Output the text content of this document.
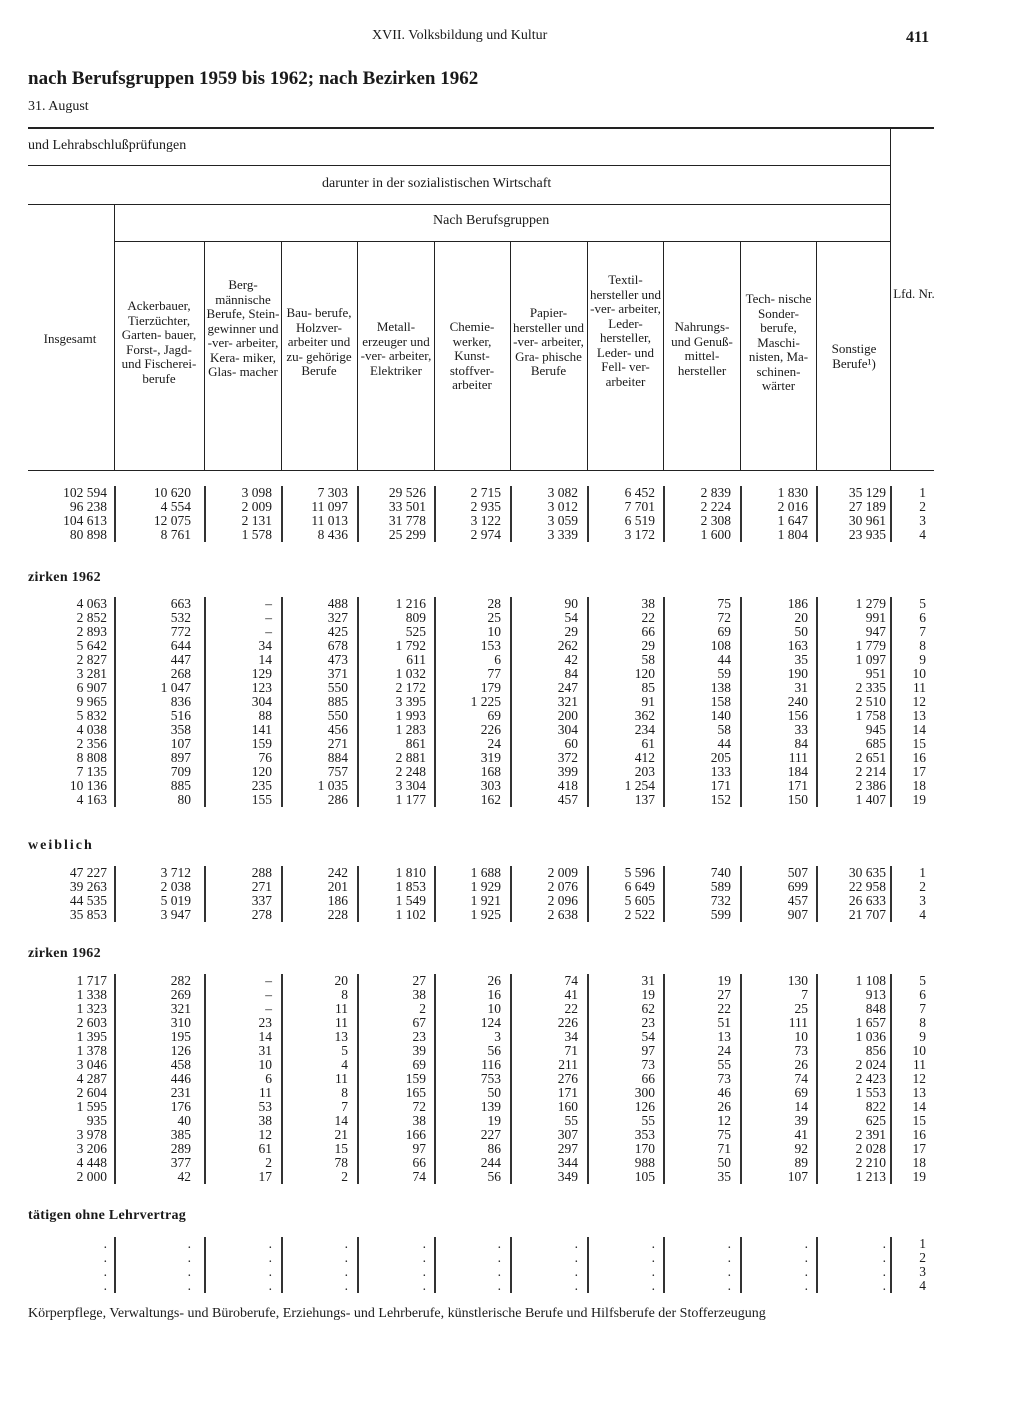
XVII. Volksbildung und Kultur	411
nach Berufsgruppen 1959 bis 1962; nach Bezirken 1962
31. August
und Lehrabschlußprüfungen
darunter in der sozialistischen Wirtschaft
Nach Berufsgruppen
Insgesamt
Ackerbauer, Tierzüchter, Garten- bauer, Forst-, Jagd- und Fischerei- berufe
Berg- männische Berufe, Stein- gewinner und -ver- arbeiter, Kera- miker, Glas- macher
Bau- berufe, Holzver- arbeiter und zu- gehörige Berufe
Metall- erzeuger und -ver- arbeiter, Elektriker
Chemie- werker, Kunst- stoffver- arbeiter
Papier- hersteller und -ver- arbeiter, Gra- phische Berufe
Textil- hersteller und -ver- arbeiter, Leder- hersteller, Leder- und Fell- ver- arbeiter
Nahrungs- und Genuß- mittel- hersteller
Tech- nische Sonder- berufe, Maschi- nisten, Ma- schinen- wärter
Sonstige Berufe¹)
Lfd. Nr.
102 594	10 620	3 098	7 303	29 526	2 715	3 082	6 452	2 839	1 830	35 129	1
96 238	4 554	2 009	11 097	33 501	2 935	3 012	7 701	2 224	2 016	27 189	2
104 613	12 075	2 131	11 013	31 778	3 122	3 059	6 519	2 308	1 647	30 961	3
80 898	8 761	1 578	8 436	25 299	2 974	3 339	3 172	1 600	1 804	23 935	4
zirken 1962
4 063	663	–	488	1 216	28	90	38	75	186	1 279	5
2 852	532	–	327	809	25	54	22	72	20	991	6
2 893	772	–	425	525	10	29	66	69	50	947	7
5 642	644	34	678	1 792	153	262	29	108	163	1 779	8
2 827	447	14	473	611	6	42	58	44	35	1 097	9
3 281	268	129	371	1 032	77	84	120	59	190	951	10
6 907	1 047	123	550	2 172	179	247	85	138	31	2 335	11
9 965	836	304	885	3 395	1 225	321	91	158	240	2 510	12
5 832	516	88	550	1 993	69	200	362	140	156	1 758	13
4 038	358	141	456	1 283	226	304	234	58	33	945	14
2 356	107	159	271	861	24	60	61	44	84	685	15
8 808	897	76	884	2 881	319	372	412	205	111	2 651	16
7 135	709	120	757	2 248	168	399	203	133	184	2 214	17
10 136	885	235	1 035	3 304	303	418	1 254	171	171	2 386	18
4 163	80	155	286	1 177	162	457	137	152	150	1 407	19
weiblich
47 227	3 712	288	242	1 810	1 688	2 009	5 596	740	507	30 635	1
39 263	2 038	271	201	1 853	1 929	2 076	6 649	589	699	22 958	2
44 535	5 019	337	186	1 549	1 921	2 096	5 605	732	457	26 633	3
35 853	3 947	278	228	1 102	1 925	2 638	2 522	599	907	21 707	4
zirken 1962
1 717	282	–	20	27	26	74	31	19	130	1 108	5
1 338	269	–	8	38	16	41	19	27	7	913	6
1 323	321	–	11	2	10	22	62	22	25	848	7
2 603	310	23	11	67	124	226	23	51	111	1 657	8
1 395	195	14	13	23	3	34	54	13	10	1 036	9
1 378	126	31	5	39	56	71	97	24	73	856	10
3 046	458	10	4	69	116	211	73	55	26	2 024	11
4 287	446	6	11	159	753	276	66	73	74	2 423	12
2 604	231	11	8	165	50	171	300	46	69	1 553	13
1 595	176	53	7	72	139	160	126	26	14	822	14
935	40	38	14	38	19	55	55	12	39	625	15
3 978	385	12	21	166	227	307	353	75	41	2 391	16
3 206	289	61	15	97	86	297	170	71	92	2 028	17
4 448	377	2	78	66	244	344	988	50	89	2 210	18
2 000	42	17	2	74	56	349	105	35	107	1 213	19
tätigen ohne Lehrvertrag
.	.	.	.	.	.	.	.	.	.	.	1
.	.	.	.	.	.	.	.	.	.	.	2
.	.	.	.	.	.	.	.	.	.	.	3
.	.	.	.	.	.	.	.	.	.	.	4
Körperpflege, Verwaltungs- und Büroberufe, Erziehungs- und Lehrberufe, künstlerische Berufe und Hilfsberufe der Stofferzeugung
